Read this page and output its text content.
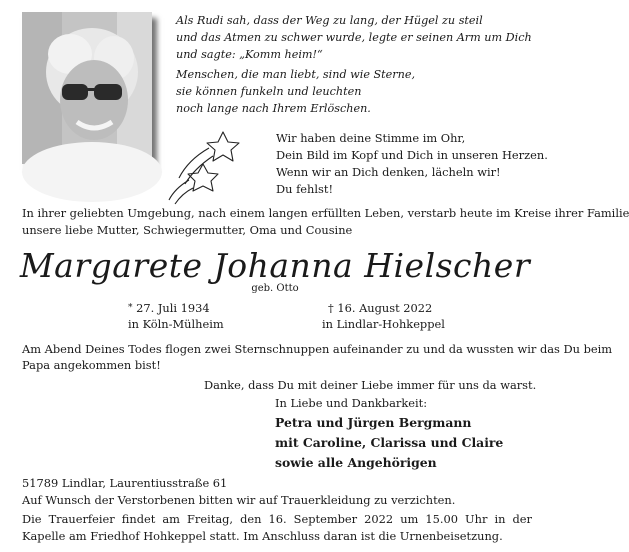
Als Rudi sah, dass der Weg zu lang, der Hügel zu steil
und das Atmen zu schwer wurde, legte er seinen Arm um Dich
und sagte: „Komm heim!“
Menschen, die man liebt, sind wie Sterne,
sie können funkeln und leuchten
noch lange nach Ihrem Erlöschen.
Wir haben deine Stimme im Ohr,
Dein Bild im Kopf und Dich in unseren Herzen.
Wenn wir an Dich denken, lächeln wir!
Du fehlst!
In ihrer geliebten Umgebung, nach einem langen erfüllten Leben, verstarb heute im Kreise ihrer Familie
unsere liebe Mutter, Schwiegermutter, Oma und Cousine
Margarete Johanna Hielscher
geb. Otto
* 27. Juli 1934
in Köln-Mülheim
† 16. August 2022
in Lindlar-Hohkeppel
Am Abend Deines Todes flogen zwei Sternschnuppen aufeinander zu und da wussten wir das Du beim
Papa angekommen bist!
Danke, dass Du mit deiner Liebe immer für uns da warst.
In Liebe und Dankbarkeit:
Petra und Jürgen Bergmann
mit Caroline, Clarissa und Claire
sowie alle Angehörigen
51789 Lindlar, Laurentiusstraße 61
Auf Wunsch der Verstorbenen bitten wir auf Trauerkleidung zu verzichten.
Die Trauerfeier findet am Freitag, den 16. September 2022 um 15.00 Uhr in der Kapelle am Friedhof Hohkeppel statt. Im Anschluss daran ist die Urnenbeisetzung.
